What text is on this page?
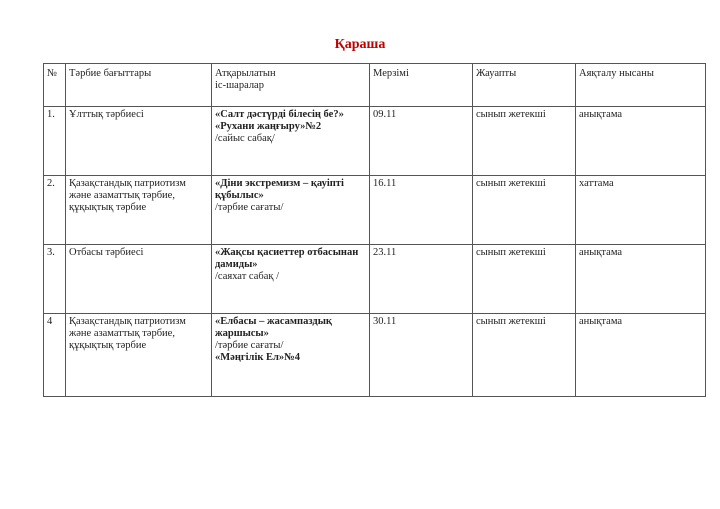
Қараша
№	Тәрбие бағыттары	Атқарылатын
іс-шаралар	Мерзімі	Жауапты	Аяқталу нысаны
1.	Ұлттық тәрбиесі	«Салт дәстүрді білесің бе?»
«Рухани жаңғыру»№2
/сайыс сабақ/	09.11	сынып жетекші	анықтама
2.	Қазақстандық патриотизм және азаматтық тәрбие, құқықтық тәрбие	«Діни экстремизм – қауіпті құбылыс»
/тәрбие сағаты/	16.11	сынып жетекші	хаттама
3.	Отбасы тәрбиесі	«Жақсы қасиеттер отбасынан дамиды»
/саяхат сабақ /	23.11	сынып жетекші	анықтама
4	Қазақстандық патриотизм және азаматтық тәрбие, құқықтық тәрбие	«Елбасы – жасампаздық жаршысы»
/тәрбие сағаты/
«Мәңгілік Ел»№4	30.11	сынып жетекші	анықтама
